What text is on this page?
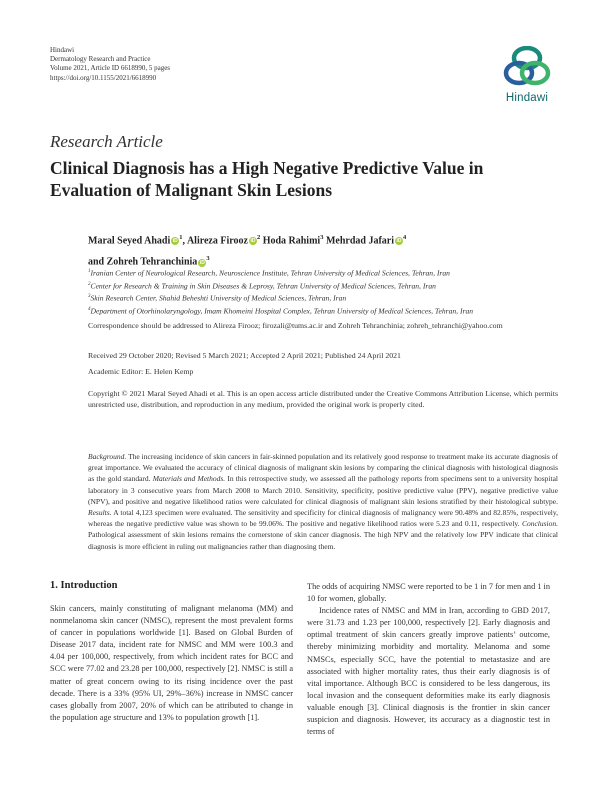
Hindawi
Dermatology Research and Practice
Volume 2021, Article ID 6618990, 5 pages
https://doi.org/10.1155/2021/6618990
Hindawi
Research Article
Clinical Diagnosis has a High Negative Predictive Value in Evaluation of Malignant Skin Lesions
Maral Seyed Ahadi $iD^1$, Alireza Firooz $iD^2$ Hoda Rahimi$^3$ Mehrdad Jafari $iD^4$
and Zohreh Tehranchinia $iD^3$
$^1$Iranian Center of Neurological Research, Neuroscience Institute, Tehran University of Medical Sciences, Tehran, Iran
$^2$Center for Research & Training in Skin Diseases & Leprosy, Tehran University of Medical Sciences, Tehran, Iran
$^3$Skin Research Center, Shahid Beheshti University of Medical Sciences, Tehran, Iran
$^4$Department of Otorhinolaryngology, Imam Khomeini Hospital Complex, Tehran University of Medical Sciences, Tehran, Iran
Correspondence should be addressed to Alireza Firooz; firozali@tums.ac.ir and Zohreh Tehranchinia; zohreh_tehranchi@yahoo.com
Received 29 October 2020; Revised 5 March 2021; Accepted 2 April 2021; Published 24 April 2021
Academic Editor: E. Helen Kemp
Copyright © 2021 Maral Seyed Ahadi et al. This is an open access article distributed under the Creative Commons Attribution License, which permits unrestricted use, distribution, and reproduction in any medium, provided the original work is properly cited.
Background. The increasing incidence of skin cancers in fair-skinned population and its relatively good response to treatment make its accurate diagnosis of great importance. We evaluated the accuracy of clinical diagnosis of malignant skin lesions by comparing the clinical diagnosis with histological diagnosis as the gold standard. Materials and Methods. In this retrospective study, we assessed all the pathology reports from specimens sent to a university hospital laboratory in 3 consecutive years from March 2008 to March 2010. Sensitivity, specificity, positive predictive value (PPV), negative predictive value (NPV), and positive and negative likelihood ratios were calculated for clinical diagnosis of malignant skin lesions stratified by their histological subtype. Results. A total 4,123 specimen were evaluated. The sensitivity and specificity for clinical diagnosis of malignancy were 90.48% and 82.85%, respectively, whereas the negative predictive value was shown to be 99.06%. The positive and negative likelihood ratios were 5.23 and 0.11, respectively. Conclusion. Pathological assessment of skin lesions remains the cornerstone of skin cancer diagnosis. The high NPV and the relatively low PPV indicate that clinical diagnosis is more efficient in ruling out malignancies rather than diagnosing them.
1. Introduction

Skin cancers, mainly constituting of malignant melanoma (MM) and nonmelanoma skin cancer (NMSC), represent the most prevalent forms of cancer in populations worldwide [1]. Based on Global Burden of Disease 2017 data, incident rate for NMSC and MM were 100.3 and 4.04 per 100,000, respectively, from which incident rates for BCC and SCC were 77.02 and 23.28 per 100,000, respectively [2]. NMSC is still a matter of great concern owing to its rising incidence over the past decade. There is a 33% (95% UI, 29%–36%) increase in NMSC cancer cases globally from 2007, 20% of which can be attributed to change in the population age structure and 13% to population growth [1].

The odds of acquiring NMSC were reported to be 1 in 7 for men and 1 in 10 for women, globally.

Incidence rates of NMSC and MM in Iran, according to GBD 2017, were 31.73 and 1.23 per 100,000, respectively [2]. Early diagnosis and optimal treatment of skin cancers greatly improve patients’ outcome, thereby minimizing morbidity and mortality. Melanoma and some NMSCs, especially SCC, have the potential to metastasize and are associated with higher mortality rates, thus their early diagnosis is of vital importance. Although BCC is considered to be less dangerous, its local invasion and the consequent deformities make its early diagnosis valuable enough [3]. Clinical diagnosis is the frontier in skin cancer suspicion and diagnosis. However, its accuracy as a diagnostic test in terms of
